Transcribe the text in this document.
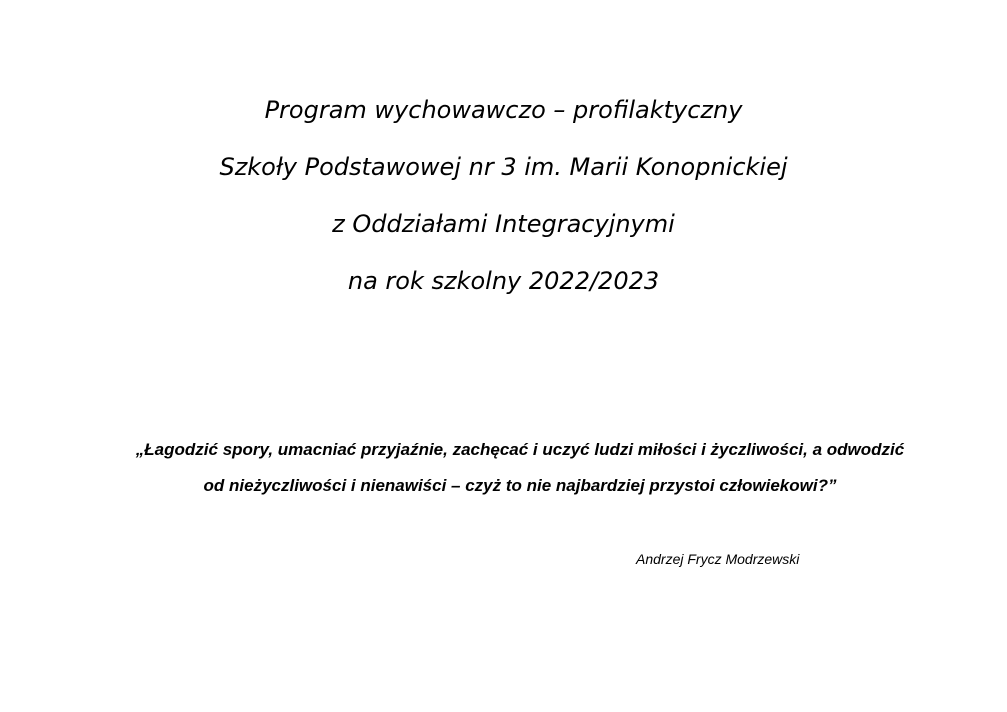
Program wychowawczo – profilaktyczny
Szkoły Podstawowej nr 3 im. Marii Konopnickiej
z Oddziałami Integracyjnymi
na rok szkolny 2022/2023
„Łagodzić spory, umacniać przyjaźnie, zachęcać i uczyć ludzi miłości i życzliwości, a odwodzić
od nieżyczliwości i nienawiści – czyż to nie najbardziej przystoi człowiekowi?”
Andrzej Frycz Modrzewski
